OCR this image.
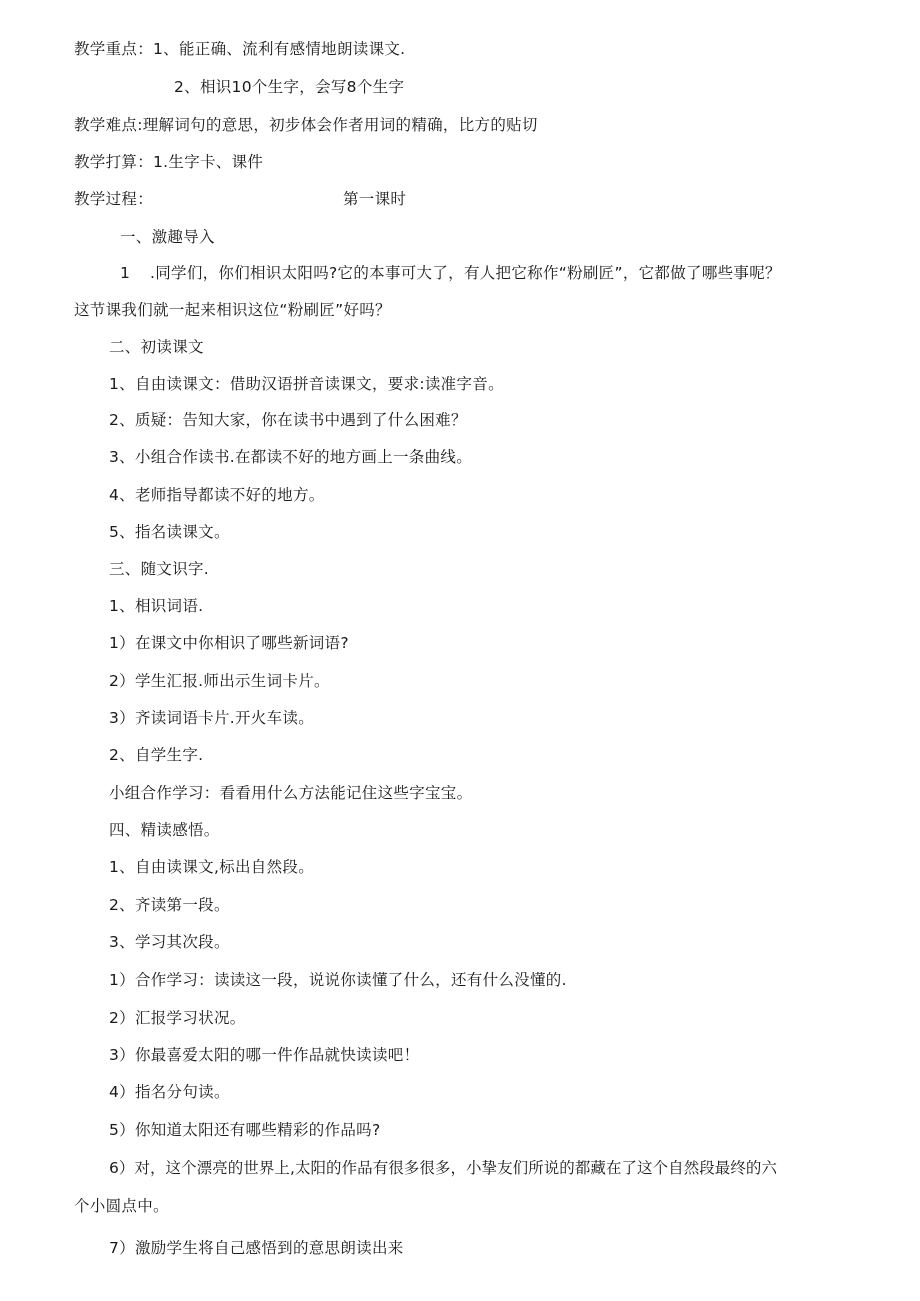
教学重点：1、能正确、流利有感情地朗读课文.
2、相识10个生字，会写8个生字
教学难点:理解词句的意思，初步体会作者用词的精确，比方的贴切
教学打算：1.生字卡、课件
教学过程：	第一课时
一、激趣导入
1 .同学们，你们相识太阳吗?它的本事可大了，有人把它称作“粉刷匠”，它都做了哪些事呢？
这节课我们就一起来相识这位“粉刷匠”好吗？
二、初读课文
1、自由读课文：借助汉语拼音读课文，要求:读准字音。
2、质疑：告知大家，你在读书中遇到了什么困难？
3、小组合作读书.在都读不好的地方画上一条曲线。
4、老师指导都读不好的地方。
5、指名读课文。
三、随文识字.
1、相识词语.
1）在课文中你相识了哪些新词语?
2）学生汇报.师出示生词卡片。
3）齐读词语卡片.开火车读。
2、自学生字.
小组合作学习：看看用什么方法能记住这些字宝宝。
四、精读感悟。
1、自由读课文,标出自然段。
2、齐读第一段。
3、学习其次段。
1）合作学习：读读这一段，说说你读懂了什么，还有什么没懂的.
2）汇报学习状况。
3）你最喜爱太阳的哪一件作品就快读读吧！
4）指名分句读。
5）你知道太阳还有哪些精彩的作品吗?
6）对，这个漂亮的世界上,太阳的作品有很多很多，小挚友们所说的都藏在了这个自然段最终的六
个小圆点中。
7）激励学生将自己感悟到的意思朗读出来
